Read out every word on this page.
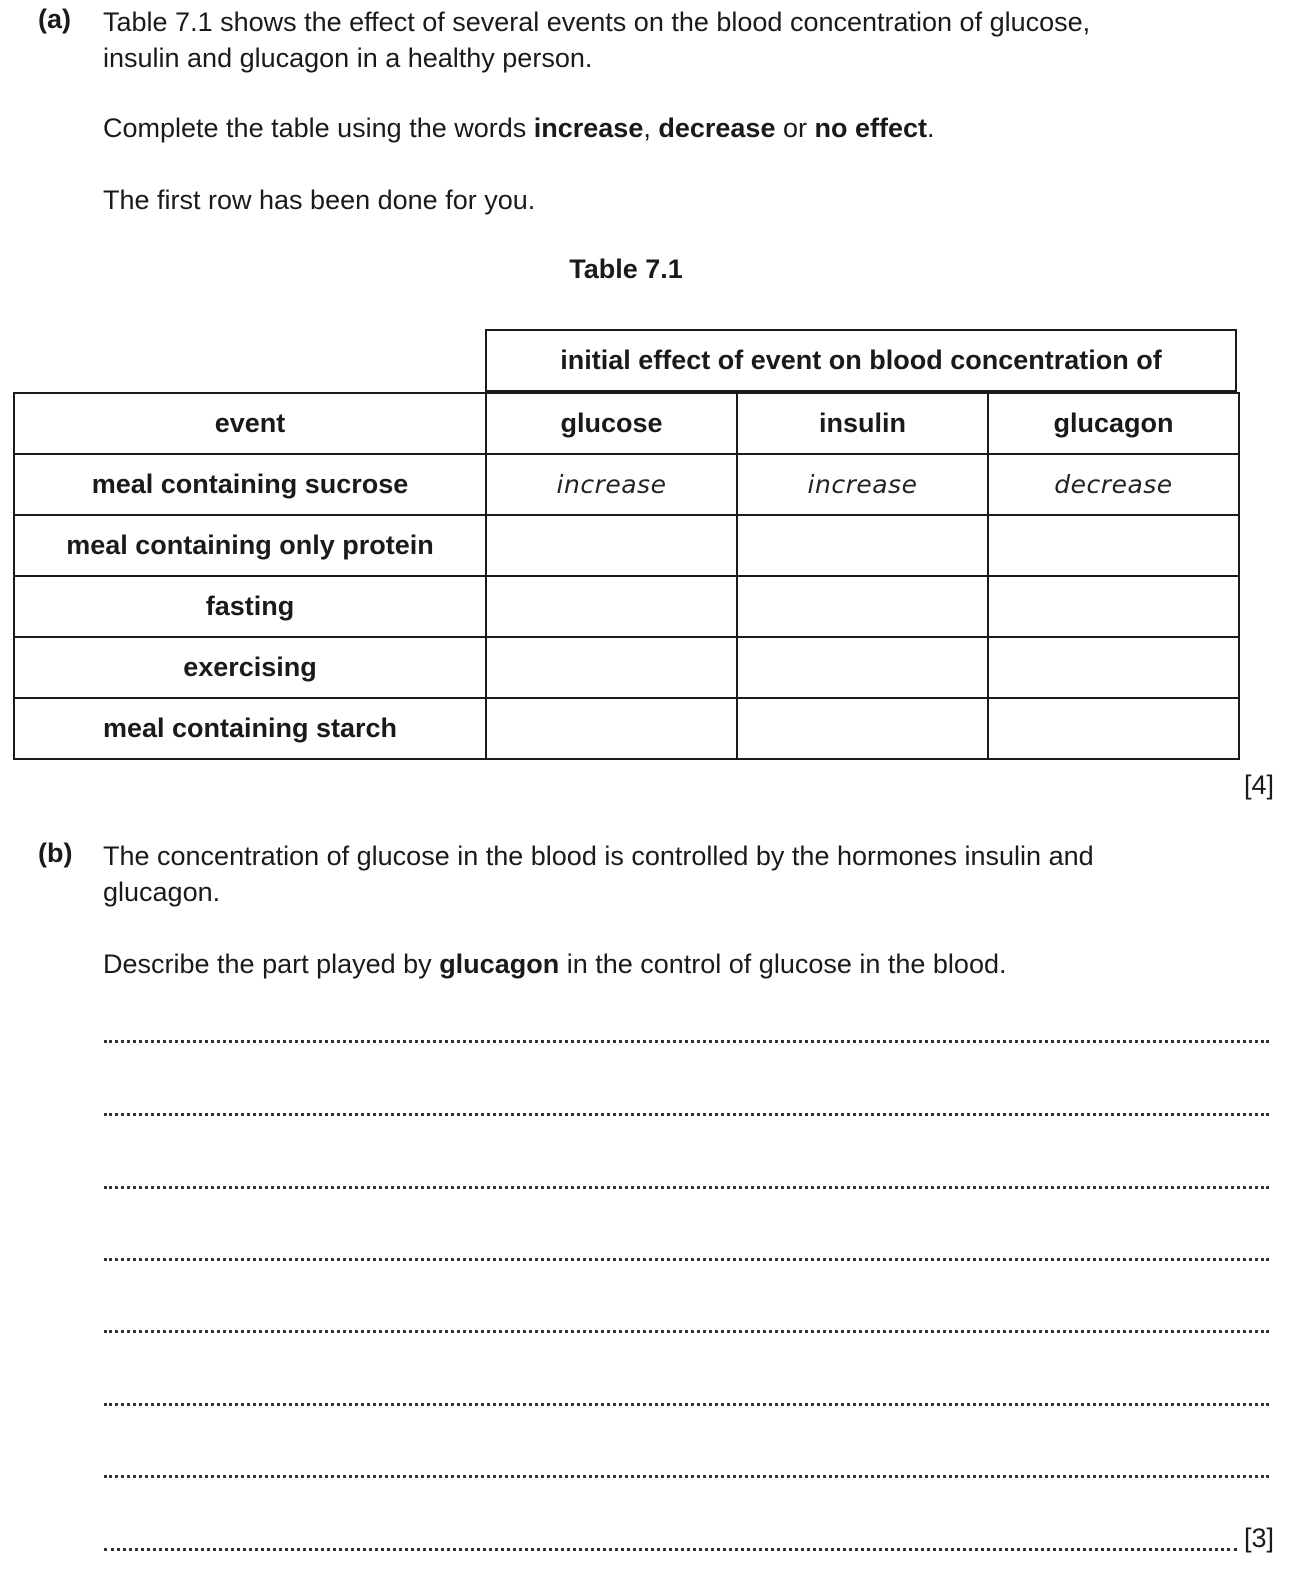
(a) Table 7.1 shows the effect of several events on the blood concentration of glucose,
insulin and glucagon in a healthy person.
Complete the table using the words increase, decrease or no effect.
The first row has been done for you.
Table 7.1
initial effect of event on blood concentration of
event	glucose	insulin	glucagon
meal containing sucrose	increase	increase	decrease
meal containing only protein			
fasting			
exercising			
meal containing starch			
[4]
(b) The concentration of glucose in the blood is controlled by the hormones insulin and
glucagon.
Describe the part played by glucagon in the control of glucose in the blood.
[3]
